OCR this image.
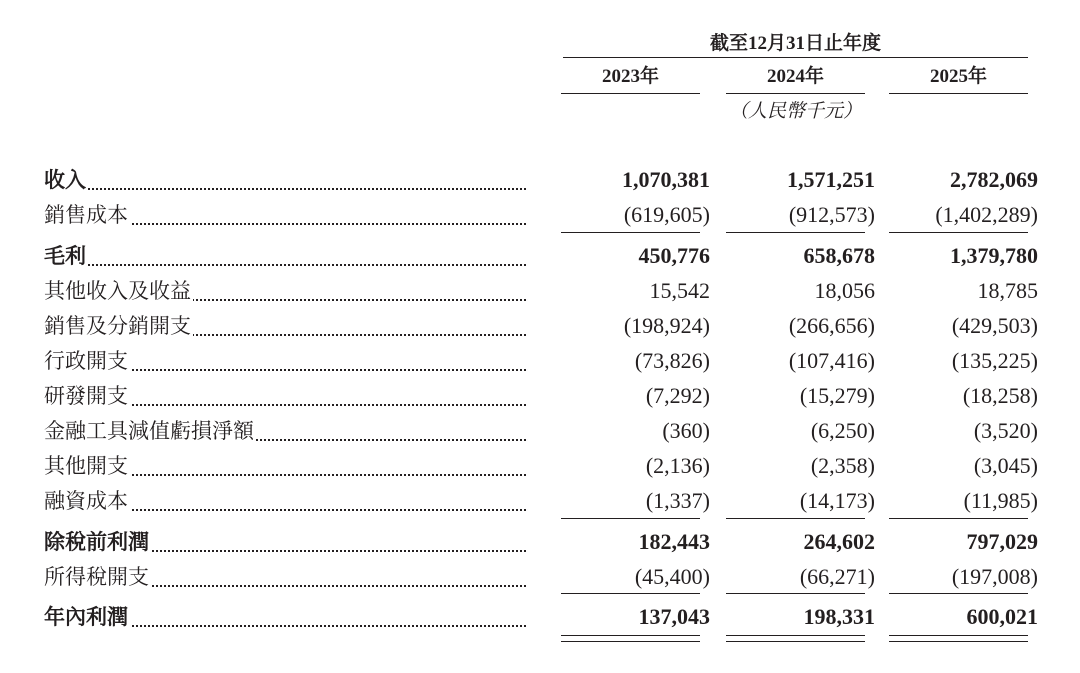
截至12月31日止年度
2023年	2024年	2025年
（人民幣千元）
收入	1,070,381	1,571,251	2,782,069
銷售成本	(619,605)	(912,573)	(1,402,289)
毛利	450,776	658,678	1,379,780
其他收入及收益	15,542	18,056	18,785
銷售及分銷開支	(198,924)	(266,656)	(429,503)
行政開支	(73,826)	(107,416)	(135,225)
研發開支	(7,292)	(15,279)	(18,258)
金融工具減值虧損淨額	(360)	(6,250)	(3,520)
其他開支	(2,136)	(2,358)	(3,045)
融資成本	(1,337)	(14,173)	(11,985)
除稅前利潤	182,443	264,602	797,029
所得稅開支	(45,400)	(66,271)	(197,008)
年內利潤	137,043	198,331	600,021
